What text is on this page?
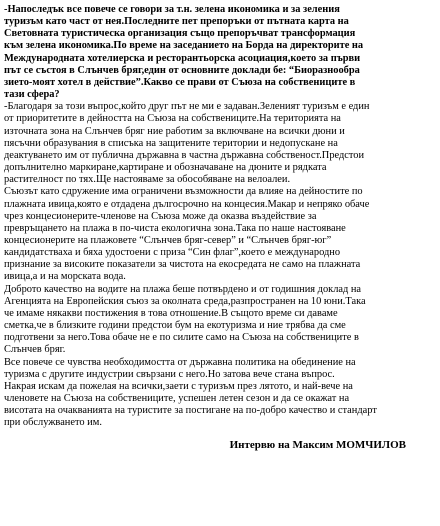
-Напоследък все повече се говори за т.н. зелена икономика и за зеления
туризъм като част от нея.Последните пет препоръки от пътната карта на
Световната туристическа организация също препоръчват трансформация
към зелена икономика.По време на заседанието на Борда на директорите на
Международната хотелиерска и ресторантьорска асоциация,което за първи
път се състоя в Слънчев бряг,един от основните доклади бе: “Биоразнообра
зието-моят хотел в действие”.Какво се прави от Съюза на собствениците в
тази сфера?

-Благодаря за този въпрос,който друг път не ми е задаван.Зеленият туризъм е един
от приоритетите в дейността на Съюза на собствениците.На територията на
източната зона на Слънчев бряг ние работим за включване на всички дюни и
пясъчни образувания в списъка на защитените територии и недопускане на
деактуването им от публична държавна в частна държавна собственост.Предстои
допълнително маркиране,картиране и обозначаване на дюните и рядката
растителност по тях.Ще настояваме за обособяване на велоалеи.

Съюзът като сдружение има ограничени възможности да влияе на дейностите по
плажната ивица,която е отдадена дългосрочно на концесия.Макар и непряко обаче
чрез концесионерите-членове на Съюза може да оказва въздействие за
превръщането на плажа в по-чиста екологична зона.Така по наше настояване
концесионерите на плажовете “Слънчев бряг-север” и “Слънчев бряг-юг”
кандидатстваха и бяха удостоени с приза “Син флаг”,което е международно
признание за високите показатели за чистота на екосредата не само на плажната
ивица,а и на морската вода.

Доброто качество на водите на плажа беше потвърдено и от годишния доклад на
Агенцията на Европейския съюз за околната среда,разпространен на 10 юни.Така
че имаме някакви постижения в това отношение.В същото време си даваме
сметка,че в близките години предстои бум на екотуризма и ние трябва да сме
подготвени за него.Това обаче не е по силите само на Съюза на собствениците в
Слънчев бряг.

Все повече се чувства необходимостта от държавна политика на обединение на
туризма с другите индустрии свързани с него.Но затова вече стана въпрос.

Накрая искам да пожелая на всички,заети с туризъм през лятото, и най-вече на
членовете на Съюза на собствениците, успешен летен сезон и да се окажат на
висотата на очакванията на туристите за постигане на по-добро качество и стандарт
при обслужването им.

Интервю на Максим МОМЧИЛОВ
